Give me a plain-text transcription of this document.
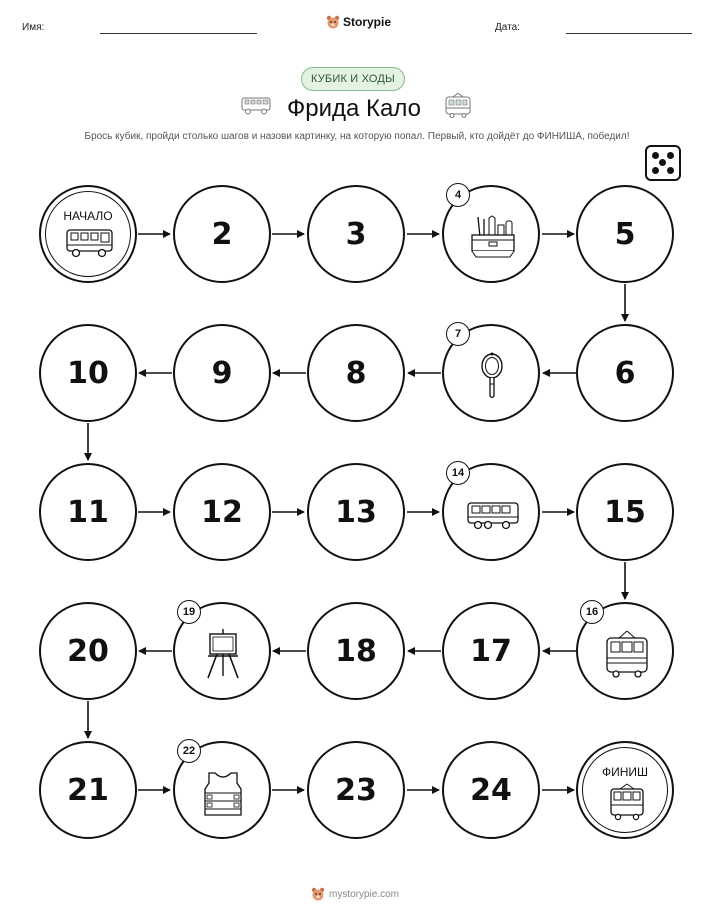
Имя:	Storypie	Дата:
КУБИК И ХОДЫ
Фрида Кало
Брось кубик, пройди столько шагов и назови картинку, на которую попал. Первый, кто дойдёт до ФИНИША, победил!
НАЧАЛО
2	3
4
5
10	9	8
7
6
11	12	13
14
15
20
19
18	17
16
21
22
23	24
ФИНИШ
mystorypie.com
